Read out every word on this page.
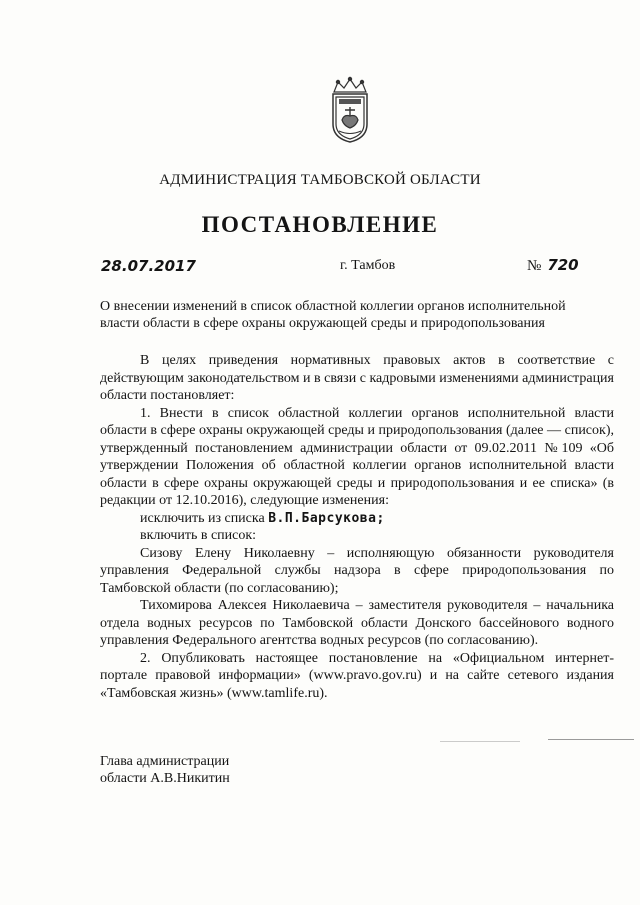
АДМИНИСТРАЦИЯ ТАМБОВСКОЙ ОБЛАСТИ
ПОСТАНОВЛЕНИЕ
28.07.2017	г. Тамбов	№ 720
О внесении изменений в список областной коллегии органов исполнительной
власти области в сфере охраны окружающей среды и природопользования

В целях приведения нормативных правовых актов в соответствие с действующим законодательством и в связи с кадровыми изменениями администрация области постановляет:

1. Внести в список областной коллегии органов исполнительной власти области в сфере охраны окружающей среды и природопользования (далее — список), утвержденный постановлением администрации области от 09.02.2011 №109 «Об утверждении Положения об областной коллегии органов исполнительной власти области в сфере охраны окружающей среды и природопользования и ее списка» (в редакции от 12.10.2016), следующие изменения:

исключить из списка В.П.Барсукова;

включить в список:

Сизову Елену Николаевну – исполняющую обязанности руководителя управления Федеральной службы надзора в сфере природопользования по Тамбовской области (по согласованию);

Тихомирова Алексея Николаевича – заместителя руководителя – начальника отдела водных ресурсов по Тамбовской области Донского бассейнового водного управления Федерального агентства водных ресурсов (по согласованию).

2. Опубликовать настоящее постановление на «Официальном интернет-портале правовой информации» (www.pravo.gov.ru) и на сайте сетевого издания «Тамбовская жизнь» (www.tamlife.ru).

Глава администрации
области А.В.Никитин
